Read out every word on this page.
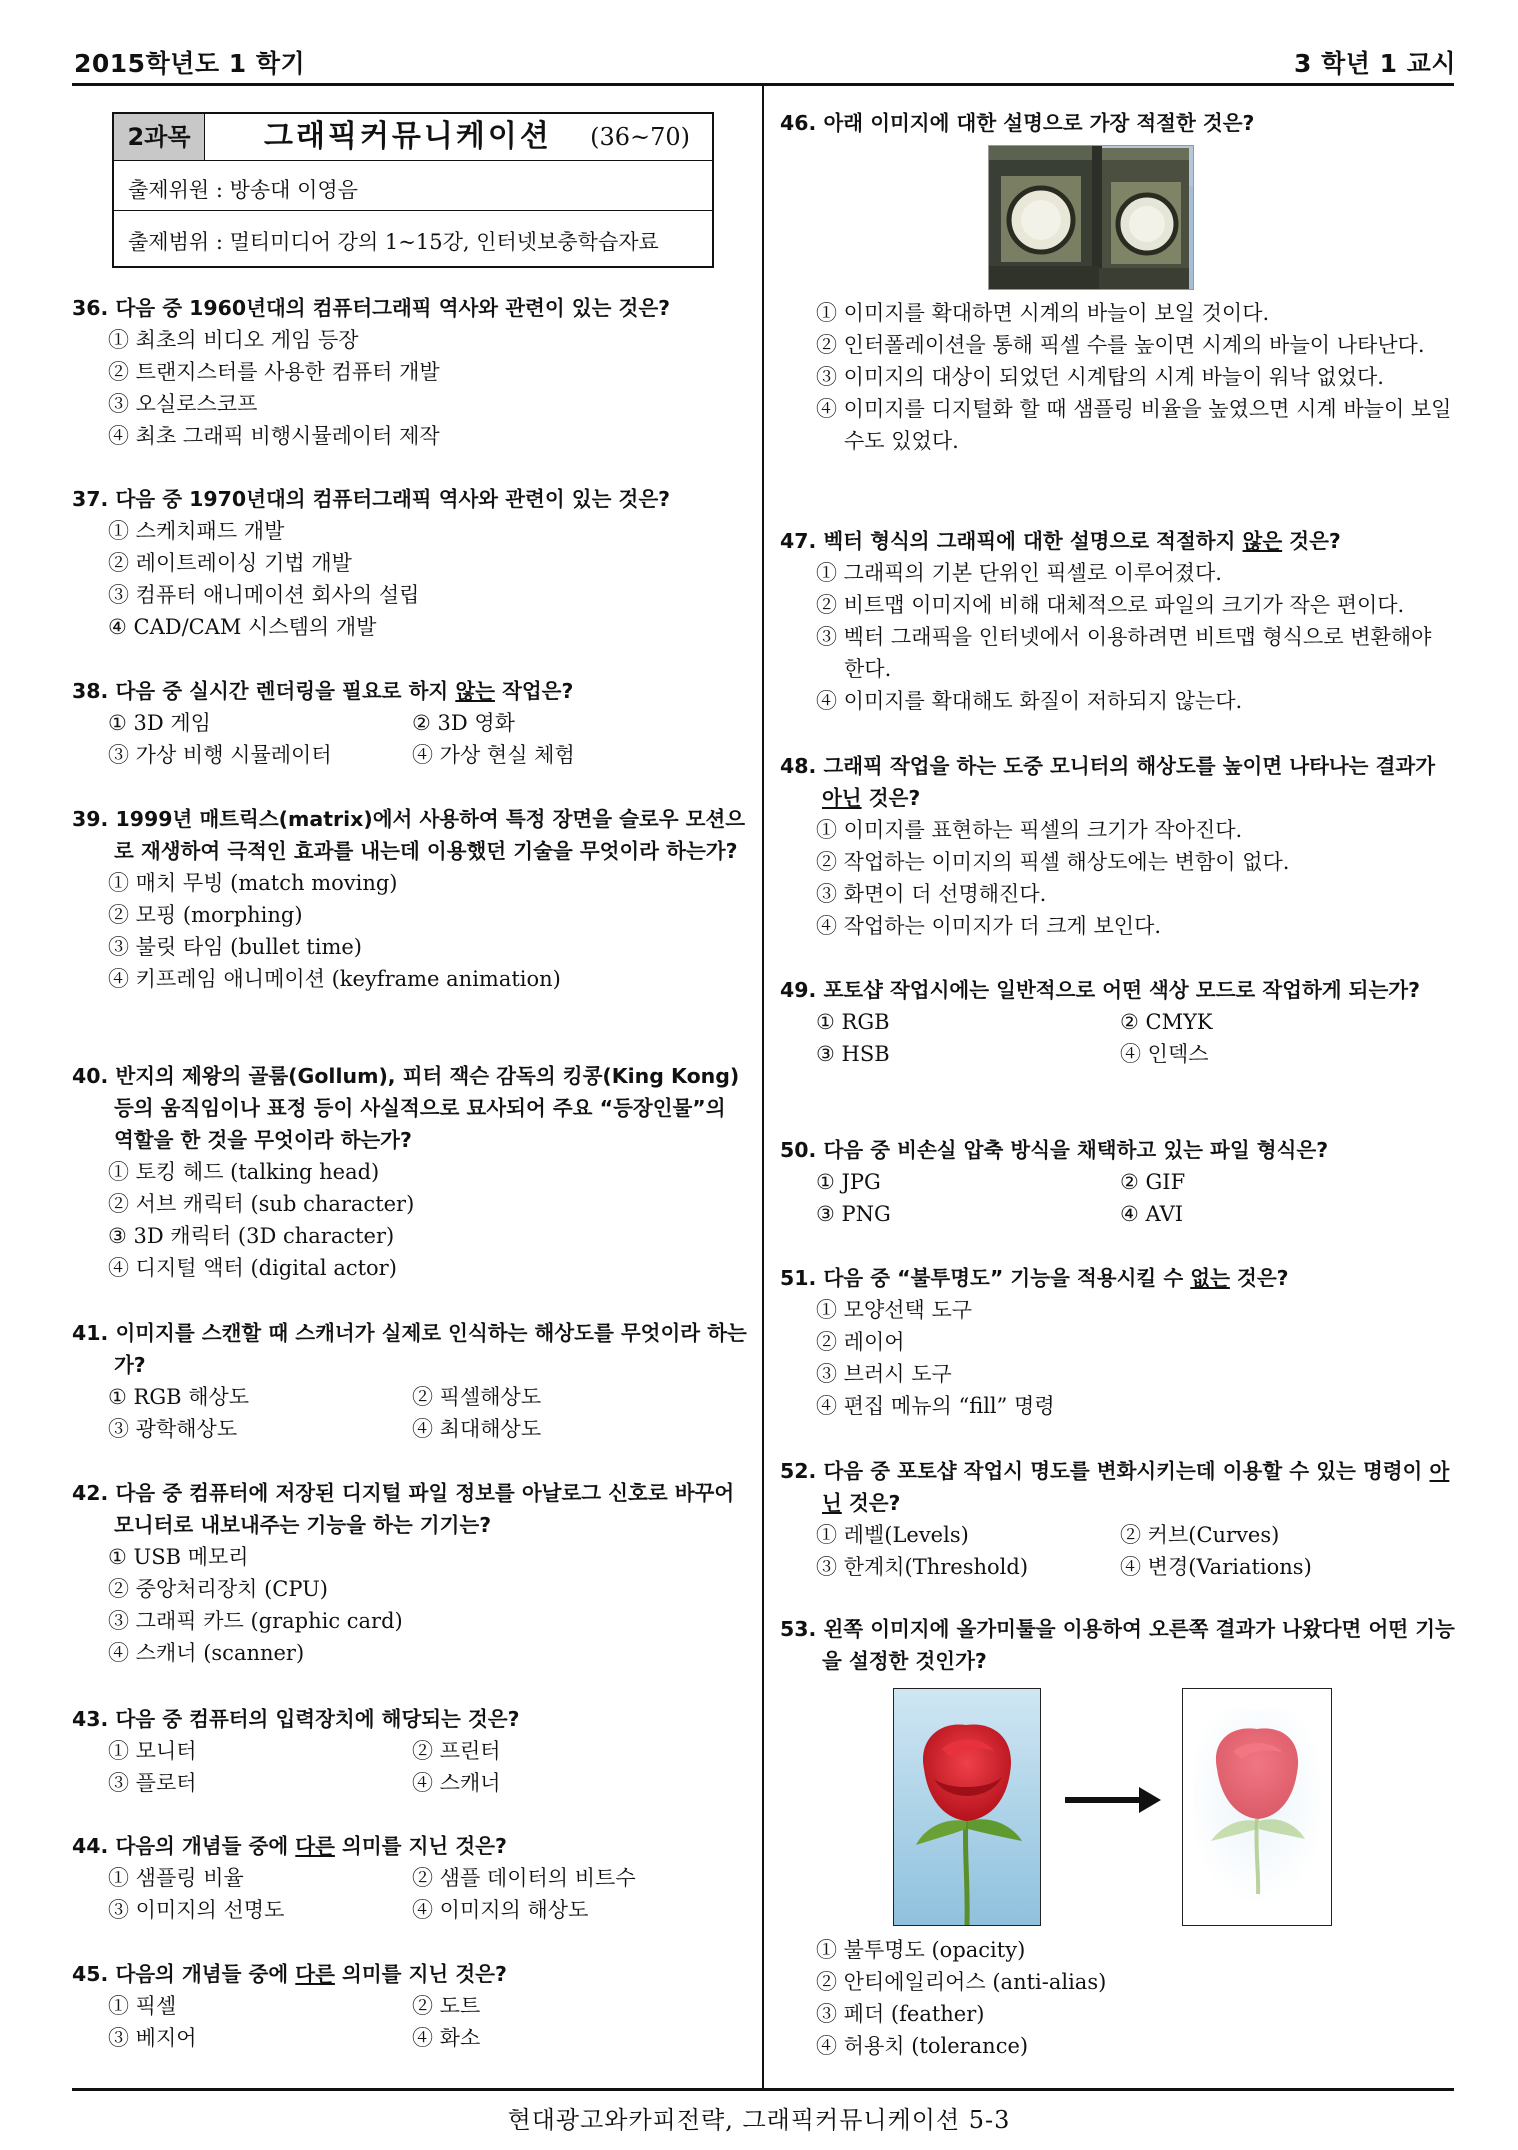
2015학년도 1 학기	3 학년 1 교시
현대광고와카피전략, 그래픽커뮤니케이션 5-3
2과목	그래픽커뮤니케이션 (36~70)
출제위원 : 방송대 이영음
출제범위 : 멀티미디어 강의 1~15강, 인터넷보충학습자료
36. 다음 중 1960년대의 컴퓨터그래픽 역사와 관련이 있는 것은?
① 최초의 비디오 게임 등장
② 트랜지스터를 사용한 컴퓨터 개발
③ 오실로스코프
④ 최초 그래픽 비행시뮬레이터 제작
37. 다음 중 1970년대의 컴퓨터그래픽 역사와 관련이 있는 것은?
① 스케치패드 개발
② 레이트레이싱 기법 개발
③ 컴퓨터 애니메이션 회사의 설립
④ CAD/CAM 시스템의 개발
38. 다음 중 실시간 렌더링을 필요로 하지 않는 작업은?
① 3D 게임	② 3D 영화
③ 가상 비행 시뮬레이터	④ 가상 현실 체험
39. 1999년 매트릭스(matrix)에서 사용하여 특정 장면을 슬로우 모션으로 재생하여 극적인 효과를 내는데 이용했던 기술을 무엇이라 하는가?
① 매치 무빙 (match moving)
② 모핑 (morphing)
③ 불릿 타임 (bullet time)
④ 키프레임 애니메이션 (keyframe animation)
40. 반지의 제왕의 골룸(Gollum), 피터 잭슨 감독의 킹콩(King Kong) 등의 움직임이나 표정 등이 사실적으로 묘사되어 주요 “등장인물”의 역할을 한 것을 무엇이라 하는가?
① 토킹 헤드 (talking head)
② 서브 캐릭터 (sub character)
③ 3D 캐릭터 (3D character)
④ 디지털 액터 (digital actor)
41. 이미지를 스캔할 때 스캐너가 실제로 인식하는 해상도를 무엇이라 하는가?
① RGB 해상도	② 픽셀해상도
③ 광학해상도	④ 최대해상도
42. 다음 중 컴퓨터에 저장된 디지털 파일 정보를 아날로그 신호로 바꾸어 모니터로 내보내주는 기능을 하는 기기는?
① USB 메모리
② 중앙처리장치 (CPU)
③ 그래픽 카드 (graphic card)
④ 스캐너 (scanner)
43. 다음 중 컴퓨터의 입력장치에 해당되는 것은?
① 모니터	② 프린터
③ 플로터	④ 스캐너
44. 다음의 개념들 중에 다른 의미를 지닌 것은?
① 샘플링 비율	② 샘플 데이터의 비트수
③ 이미지의 선명도	④ 이미지의 해상도
45. 다음의 개념들 중에 다른 의미를 지닌 것은?
① 픽셀	② 도트
③ 베지어	④ 화소
46. 아래 이미지에 대한 설명으로 가장 적절한 것은?
① 이미지를 확대하면 시계의 바늘이 보일 것이다.
② 인터폴레이션을 통해 픽셀 수를 높이면 시계의 바늘이 나타난다.
③ 이미지의 대상이 되었던 시계탑의 시계 바늘이 워낙 없었다.
④ 이미지를 디지털화 할 때 샘플링 비율을 높였으면 시계 바늘이 보일 수도 있었다.
47. 벡터 형식의 그래픽에 대한 설명으로 적절하지 않은 것은?
① 그래픽의 기본 단위인 픽셀로 이루어졌다.
② 비트맵 이미지에 비해 대체적으로 파일의 크기가 작은 편이다.
③ 벡터 그래픽을 인터넷에서 이용하려면 비트맵 형식으로 변환해야 한다.
④ 이미지를 확대해도 화질이 저하되지 않는다.
48. 그래픽 작업을 하는 도중 모니터의 해상도를 높이면 나타나는 결과가 아닌 것은?
① 이미지를 표현하는 픽셀의 크기가 작아진다.
② 작업하는 이미지의 픽셀 해상도에는 변함이 없다.
③ 화면이 더 선명해진다.
④ 작업하는 이미지가 더 크게 보인다.
49. 포토샵 작업시에는 일반적으로 어떤 색상 모드로 작업하게 되는가?
① RGB	② CMYK
③ HSB	④ 인덱스
50. 다음 중 비손실 압축 방식을 채택하고 있는 파일 형식은?
① JPG	② GIF
③ PNG	④ AVI
51. 다음 중 “불투명도” 기능을 적용시킬 수 없는 것은?
① 모양선택 도구
② 레이어
③ 브러시 도구
④ 편집 메뉴의 “fill” 명령
52. 다음 중 포토샵 작업시 명도를 변화시키는데 이용할 수 있는 명령이 아닌 것은?
① 레벨(Levels)	② 커브(Curves)
③ 한계치(Threshold)	④ 변경(Variations)
53. 왼쪽 이미지에 올가미툴을 이용하여 오른쪽 결과가 나왔다면 어떤 기능을 설정한 것인가?
① 불투명도 (opacity)
② 안티에일리어스 (anti-alias)
③ 페더 (feather)
④ 허용치 (tolerance)
